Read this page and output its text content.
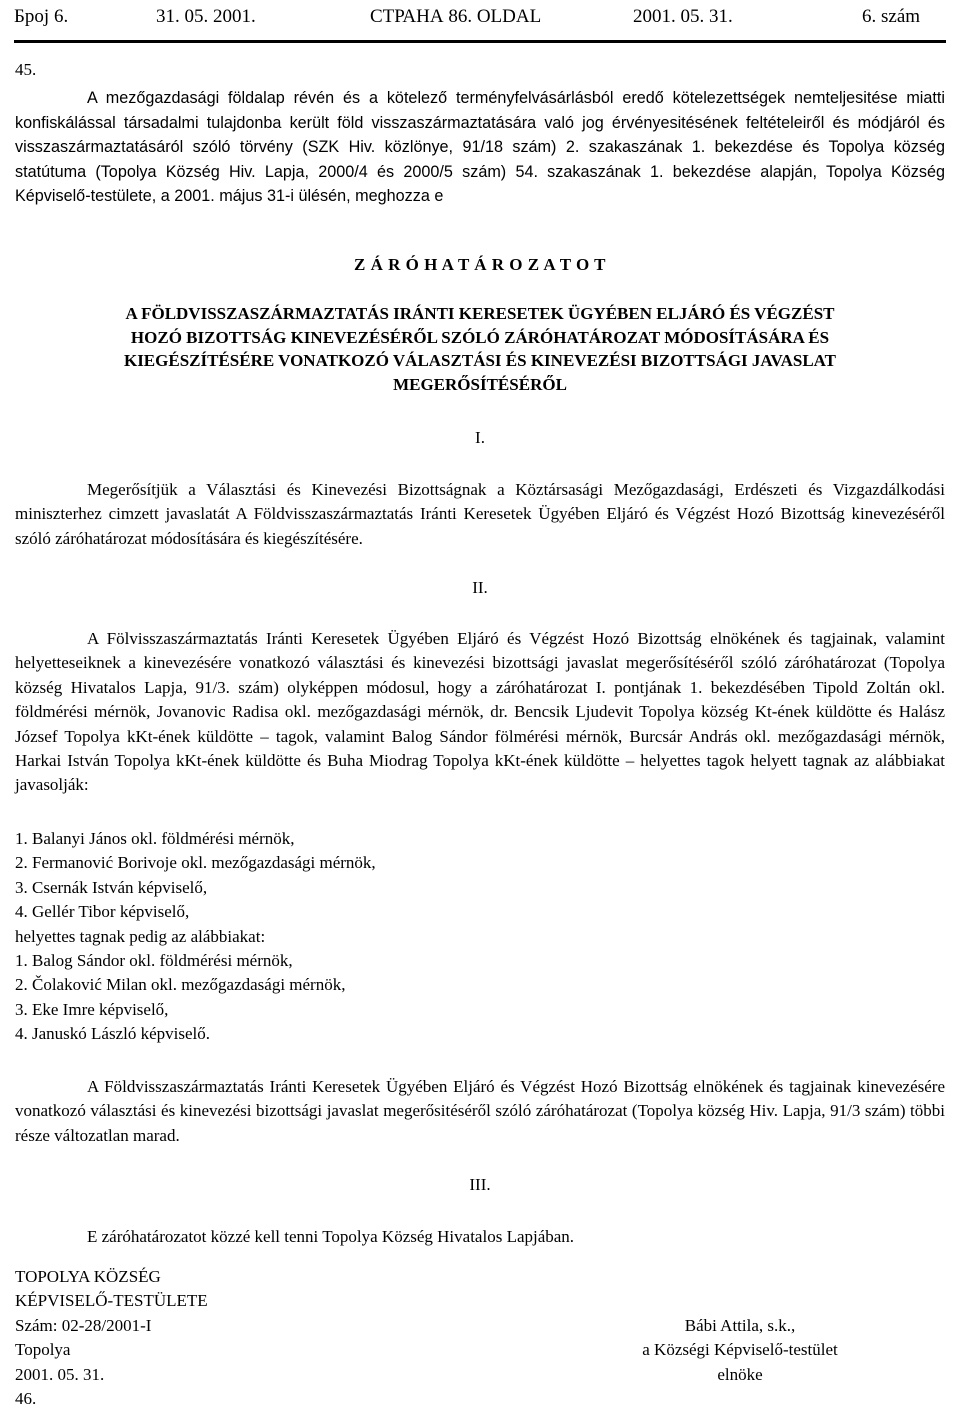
Број 6.	31. 05. 2001.	СТРАНА 86. OLDAL	2001. 05. 31.	6. szám
45.
A mezőgazdasági földalap révén és a kötelező terményfelvásárlásból eredő kötelezettségek nemteljesitése miatti konfiskálással társadalmi tulajdonba került föld visszaszármaztatására való jog érvényesitésének feltételeiről és módjáról és visszaszármaztatásáról szóló törvény (SZK Hiv. közlönye, 91/18 szám) 2. szakaszának 1. bekezdése és Topolya község statútuma (Topolya Község Hiv. Lapja, 2000/4 és 2000/5 szám) 54. szakaszának 1. bekezdése alapján, Topolya Község Képviselő-testülete, a 2001. május 31-i ülésén, meghozza e
Z Á R Ó H A T Á R O Z A T O T
A FÖLDVISSZASZÁRMAZTATÁS IRÁNTI KERESETEK ÜGYÉBEN ELJÁRÓ ÉS VÉGZÉST
HOZÓ BIZOTTSÁG KINEVEZÉSÉRŐL SZÓLÓ ZÁRÓHATÁROZAT MÓDOSÍTÁSÁRA ÉS
KIEGÉSZÍTÉSÉRE VONATKOZÓ VÁLASZTÁSI ÉS KINEVEZÉSI BIZOTTSÁGI JAVASLAT
MEGERŐSÍTÉSÉRŐL
I.
Megerősítjük a Választási és Kinevezési Bizottságnak a Köztársasági Mezőgazdasági, Erdészeti és Vizgazdálkodási miniszterhez cimzett javaslatát A Földvisszaszármaztatás Iránti Keresetek Ügyében Eljáró és Végzést Hozó Bizottság kinevezéséről szóló záróhatározat módosítására és kiegészítésére.
II.
A Fölvisszaszármaztatás Iránti Keresetek Ügyében Eljáró és Végzést Hozó Bizottság elnökének és tagjainak, valamint helyetteseiknek a kinevezésére vonatkozó választási és kinevezési bizottsági javaslat megerősítéséről szóló záróhatározat (Topolya község Hivatalos Lapja, 91/3. szám) olyképpen módosul, hogy a záróhatározat I. pontjának 1. bekezdésében Tipold Zoltán okl. földmérési mérnök, Jovanovic Radisa okl. mezőgazdasági mérnök, dr. Bencsik Ljudevit Topolya község Kt-ének küldötte és Halász József Topolya kKt-ének küldötte – tagok, valamint Balog Sándor fölmérési mérnök, Burcsár András okl. mezőgazdasági mérnök, Harkai István Topolya kKt-ének küldötte és Buha Miodrag Topolya kKt-ének küldötte – helyettes tagok helyett tagnak az alábbiakat javasolják:
1. Balanyi János okl. földmérési mérnök,
2. Fermanović Borivoje okl. mezőgazdasági mérnök,
3. Csernák István képviselő,
4. Gellér Tibor képviselő,
helyettes tagnak pedig az alábbiakat:
1. Balog Sándor okl. földmérési mérnök,
2. Čolaković Milan okl. mezőgazdasági mérnök,
3. Eke Imre képviselő,
4. Januskó László képviselő.
A Földvisszaszármaztatás Iránti Keresetek Ügyében Eljáró és Végzést Hozó Bizottság elnökének és tagjainak kinevezésére vonatkozó választási és kinevezési bizottsági javaslat megerősitéséről szóló záróhatározat (Topolya község Hiv. Lapja, 91/3 szám) többi része változatlan marad.
III.
E záróhatározatot közzé kell tenni Topolya Község Hivatalos Lapjában.
TOPOLYA KÖZSÉG
KÉPVISELŐ-TESTÜLETE
Szám: 02-28/2001-I
Topolya
2001. 05. 31.
46.
Bábi Attila, s.k.,
a Községi Képviselő-testület
elnöke
